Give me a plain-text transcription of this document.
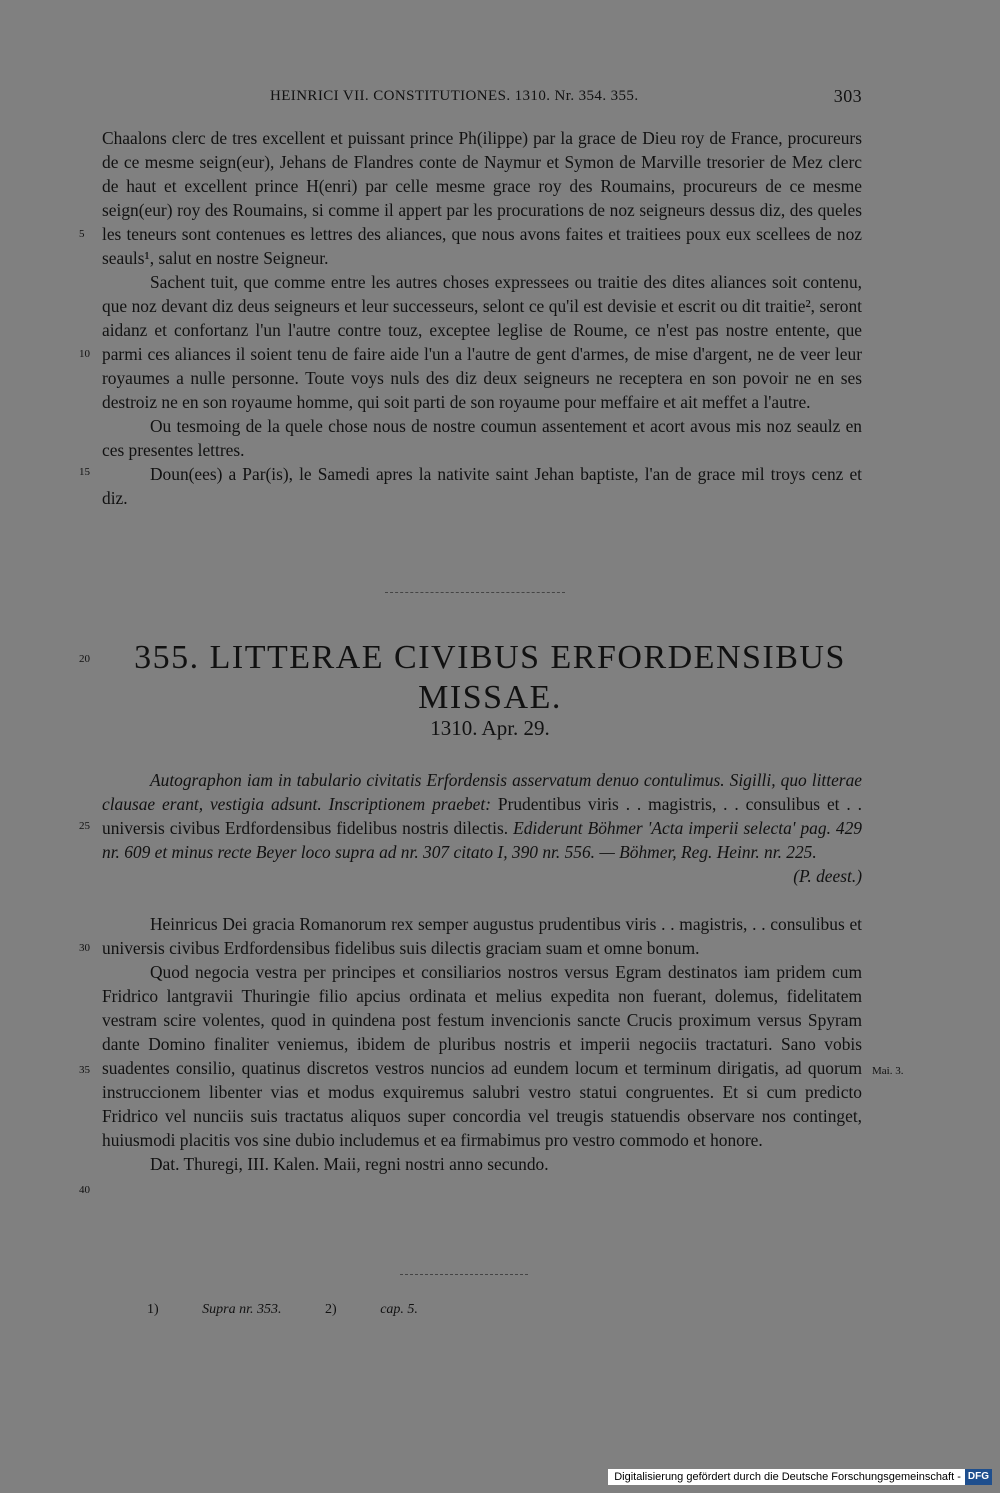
HEINRICI VII. CONSTITUTIONES. 1310. Nr. 354. 355.	303

Chaalons clerc de tres excellent et puissant prince Ph(ilippe) par la grace de Dieu roy de France, procureurs de ce mesme seign(eur), Jehans de Flandres conte de Naymur et Symon de Marville tresorier de Mez clerc de haut et excellent prince H(enri) par celle mesme grace roy des Roumains, procureurs de ce mesme seign(eur) roy des Roumains, si comme il appert par les procurations de noz seigneurs dessus diz, des queles les teneurs sont contenues es lettres des aliances, que nous avons faites et traitiees poux eux scellees de noz seauls¹, salut en nostre Seigneur.

Sachent tuit, que comme entre les autres choses expressees ou traitie des dites aliances soit contenu, que noz devant diz deus seigneurs et leur successeurs, selont ce qu'il est devisie et escrit ou dit traitie², seront aidanz et confortanz l'un l'autre contre touz, exceptee leglise de Roume, ce n'est pas nostre entente, que parmi ces aliances il soient tenu de faire aide l'un a l'autre de gent d'armes, de mise d'argent, ne de veer leur royaumes a nulle personne. Toute voys nuls des diz deux seigneurs ne receptera en son povoir ne en ses destroiz ne en son royaume homme, qui soit parti de son royaume pour meffaire et ait meffet a l'autre.

Ou tesmoing de la quele chose nous de nostre coumun assentement et acort avous mis noz seaulz en ces presentes lettres.

Doun(ees) a Par(is), le Samedi apres la nativite saint Jehan baptiste, l'an de grace mil troys cenz et diz.

5
10
15
20	355. LITTERAE CIVIBUS ERFORDENSIBUS MISSAE.
1310. Apr. 29.

Autographon iam in tabulario civitatis Erfordensis asservatum denuo contulimus. Sigilli, quo litterae clausae erant, vestigia adsunt. Inscriptionem praebet: Prudentibus viris . . magistris, . . consulibus et . . universis civibus Erdfordensibus fidelibus nostris dilectis. Ediderunt Böhmer 'Acta imperii selecta' pag. 429 nr. 609 et minus recte Beyer loco supra ad nr. 307 citato I, 390 nr. 556. — Böhmer, Reg. Heinr. nr. 225.

(P. deest.)

25

Heinricus Dei gracia Romanorum rex semper augustus prudentibus viris . . magistris, . . consulibus et universis civibus Erdfordensibus fidelibus suis dilectis graciam suam et omne bonum.

Quod negocia vestra per principes et consiliarios nostros versus Egram destinatos iam pridem cum Fridrico lantgravii Thuringie filio apcius ordinata et melius expedita non fuerant, dolemus, fidelitatem vestram scire volentes, quod in quindena post festum invencionis sancte Crucis proximum versus Spyram dante Domino finaliter veniemus, ibidem de pluribus nostris et imperii negociis tractaturi. Sano vobis suadentes consilio, quatinus discretos vestros nuncios ad eundem locum et terminum dirigatis, ad quorum instruccionem libenter vias et modus exquiremus salubri vestro statui congruentes. Et si cum predicto Fridrico vel nunciis suis tractatus aliquos super concordia vel treugis statuendis observare nos continget, huiusmodi placitis vos sine dubio includemus et ea firmabimus pro vestro commodo et honore.

Dat. Thuregi, III. Kalen. Maii, regni nostri anno secundo.

30
35
40
Mai. 3.
1)	Supra nr. 353.	2)	cap. 5.
Digitalisierung gefördert durch die Deutsche Forschungsgemeinschaft - DFG
